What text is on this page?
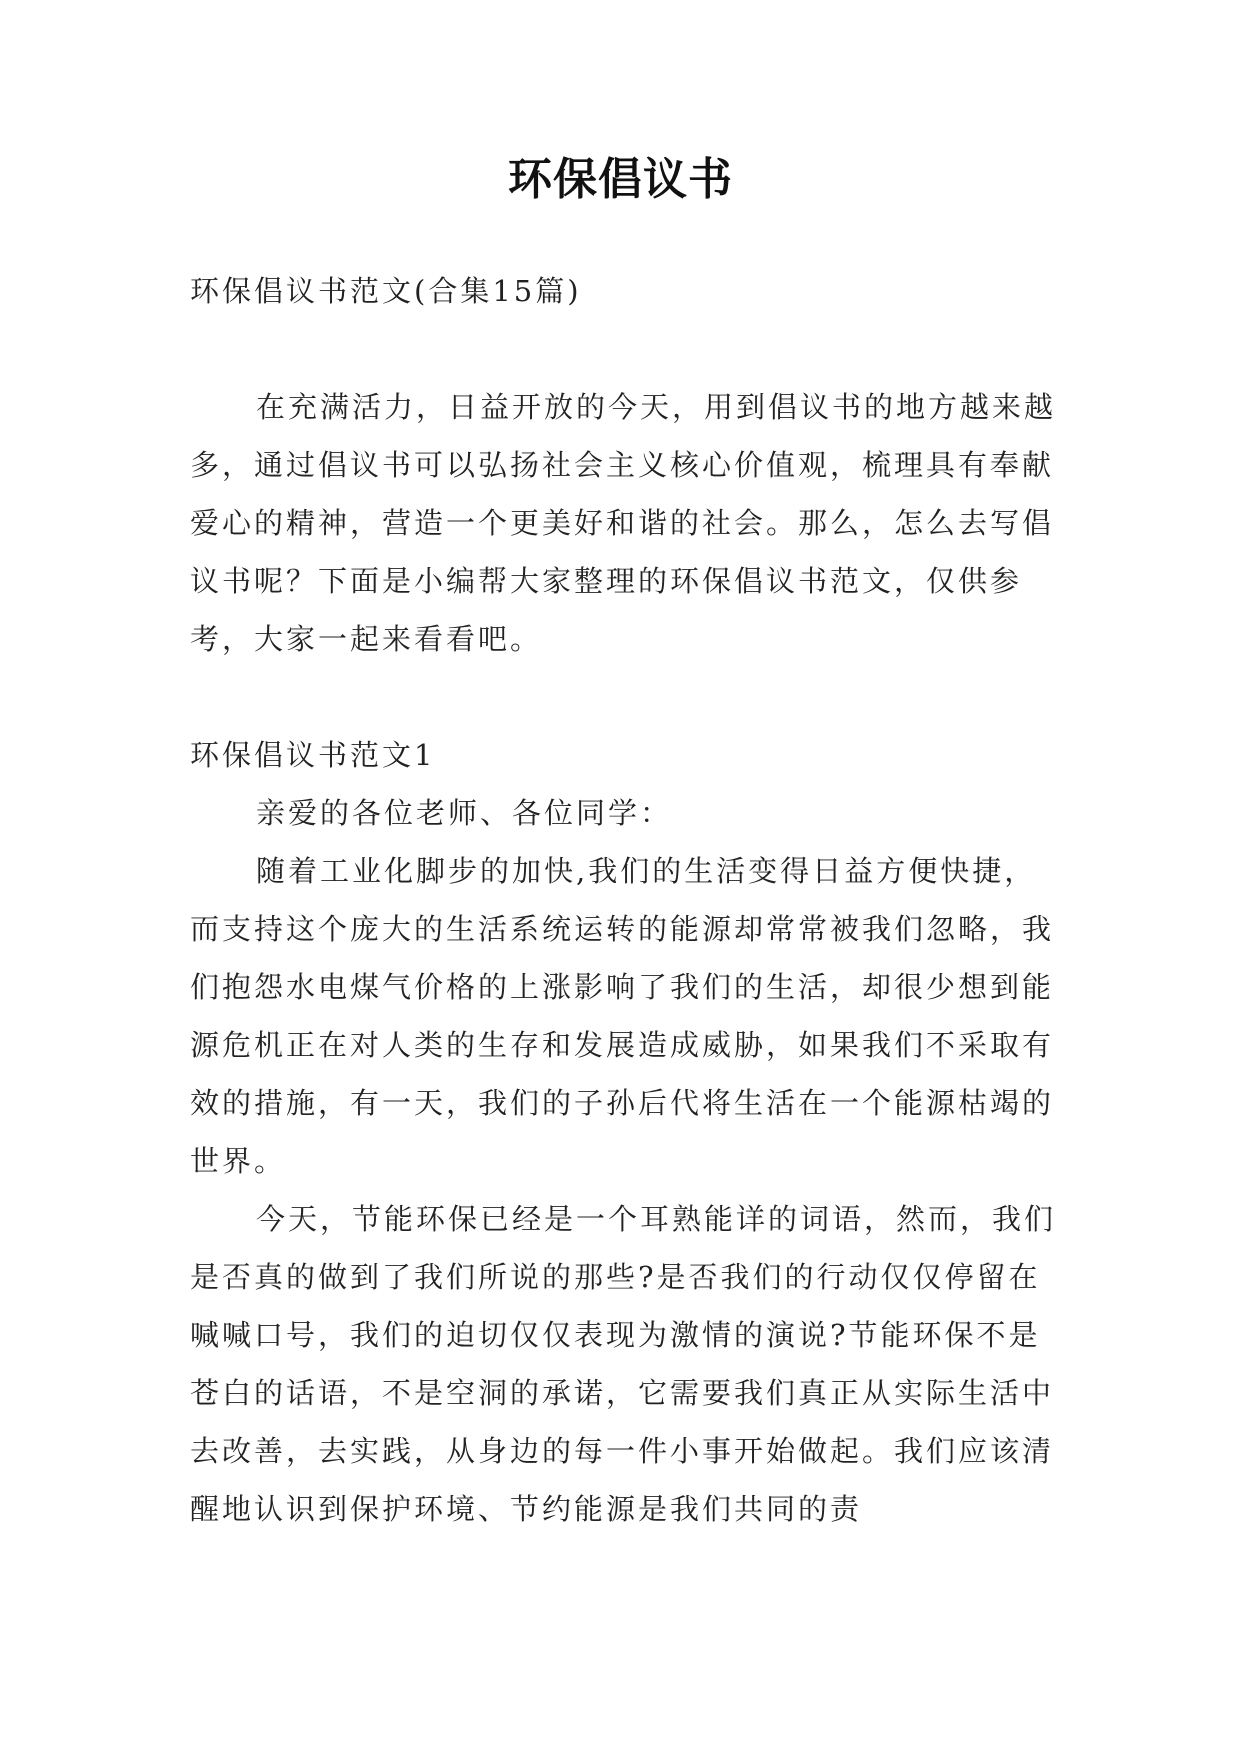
环保倡议书

环保倡议书范文(合集15篇)

在充满活力，日益开放的今天，用到倡议书的地方越来越多，通过倡议书可以弘扬社会主义核心价值观，梳理具有奉献爱心的精神，营造一个更美好和谐的社会。那么，怎么去写倡议书呢？下面是小编帮大家整理的环保倡议书范文，仅供参考，大家一起来看看吧。

环保倡议书范文1

亲爱的各位老师、各位同学：

随着工业化脚步的加快,我们的生活变得日益方便快捷，而支持这个庞大的生活系统运转的能源却常常被我们忽略，我们抱怨水电煤气价格的上涨影响了我们的生活，却很少想到能源危机正在对人类的生存和发展造成威胁，如果我们不采取有效的措施，有一天，我们的子孙后代将生活在一个能源枯竭的世界。

今天，节能环保已经是一个耳熟能详的词语，然而，我们是否真的做到了我们所说的那些?是否我们的行动仅仅停留在喊喊口号，我们的迫切仅仅表现为激情的演说?节能环保不是苍白的话语，不是空洞的承诺，它需要我们真正从实际生活中去改善，去实践，从身边的每一件小事开始做起。我们应该清醒地认识到保护环境、节约能源是我们共同的责
